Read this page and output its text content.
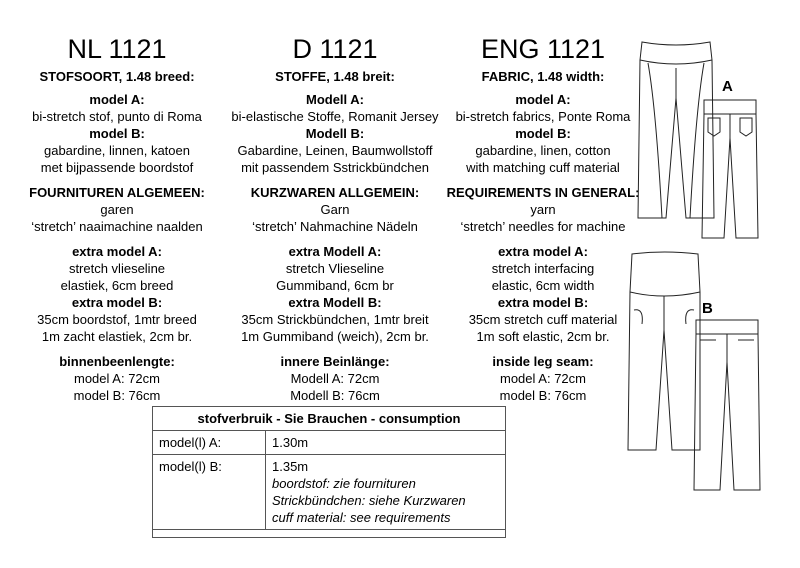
NL 1121
STOFSOORT, 1.48 breed:
model A:
bi-stretch stof, punto di Roma
model B:
gabardine, linnen, katoen
met bijpassende boordstof
FOURNITUREN ALGEMEEN:
garen
‘stretch’ naaimachine naalden
extra model A:
stretch vlieseline
elastiek, 6cm breed
extra model B:
35cm boordstof, 1mtr breed
1m zacht elastiek, 2cm br.
binnenbeenlengte:
model A: 72cm
model B: 76cm
D 1121
STOFFE, 1.48 breit:
Modell A:
bi-elastische Stoffe, Romanit Jersey
Modell B:
Gabardine, Leinen, Baumwollstoff
mit passendem Sstrickbündchen
KURZWAREN ALLGEMEIN:
Garn
‘stretch’ Nahmachine Nädeln
extra Modell A:
stretch Vlieseline
Gummiband, 6cm br
extra Modell B:
35cm Strickbündchen, 1mtr breit
1m Gummiband (weich), 2cm br.
innere Beinlänge:
Modell A: 72cm
Modell B: 76cm
ENG 1121
FABRIC, 1.48 width:
model A:
bi-stretch fabrics, Ponte Roma
model B:
gabardine, linen, cotton
with matching cuff material
REQUIREMENTS IN GENERAL:
yarn
‘stretch’ needles for machine
extra model A:
stretch interfacing
elastic, 6cm width
extra model B:
35cm stretch cuff material
1m soft elastic, 2cm br.
inside leg seam:
model A: 72cm
model B: 76cm
stofverbruik - Sie Brauchen - consumption
model(l) A:	1.30m

model(l) B:	1.35m
boordstof: zie fournituren
Strickbündchen: siehe Kurzwaren
cuff material: see requirements
A
B
